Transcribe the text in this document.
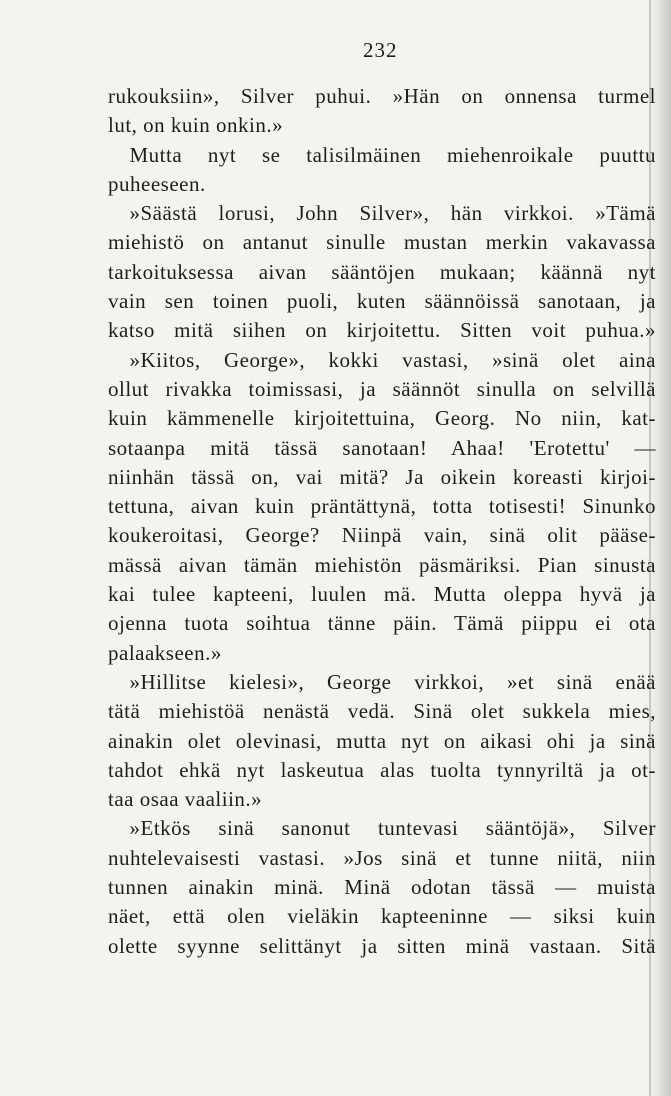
232
rukouksiin», Silver puhui. »Hän on onnensa turmel
lut, on kuin onkin.»
 Mutta nyt se talisilmäinen miehenroikale puuttu
puheeseen.
 »Säästä lorusi, John Silver», hän virkkoi. »Tämä
miehistö on antanut sinulle mustan merkin vakavassa
tarkoituksessa aivan sääntöjen mukaan; käännä nyt
vain sen toinen puoli, kuten säännöissä sanotaan, ja
katso mitä siihen on kirjoitettu. Sitten voit puhua.»
 »Kiitos, George», kokki vastasi, »sinä olet aina
ollut rivakka toimissasi, ja säännöt sinulla on selvillä
kuin kämmenelle kirjoitettuina, Georg. No niin, kat-
sotaanpa mitä tässä sanotaan! Ahaa! 'Erotettu' —
niinhän tässä on, vai mitä? Ja oikein koreasti kirjoi-
tettuna, aivan kuin präntättynä, totta totisesti! Sinunko
koukeroitasi, George? Niinpä vain, sinä olit pääse-
mässä aivan tämän miehistön päsmäriksi. Pian sinusta
kai tulee kapteeni, luulen mä. Mutta oleppa hyvä ja
ojenna tuota soihtua tänne päin. Tämä piippu ei ota
palaakseen.»
 »Hillitse kielesi», George virkkoi, »et sinä enää
tätä miehistöä nenästä vedä. Sinä olet sukkela mies,
ainakin olet olevinasi, mutta nyt on aikasi ohi ja sinä
tahdot ehkä nyt laskeutua alas tuolta tynnyriltä ja ot-
taa osaa vaaliin.»
 »Etkös sinä sanonut tuntevasi sääntöjä», Silver
nuhtelevaisesti vastasi. »Jos sinä et tunne niitä, niin
tunnen ainakin minä. Minä odotan tässä — muista
näet, että olen vieläkin kapteeninne — siksi kuin
olette syynne selittänyt ja sitten minä vastaan. Sitä
